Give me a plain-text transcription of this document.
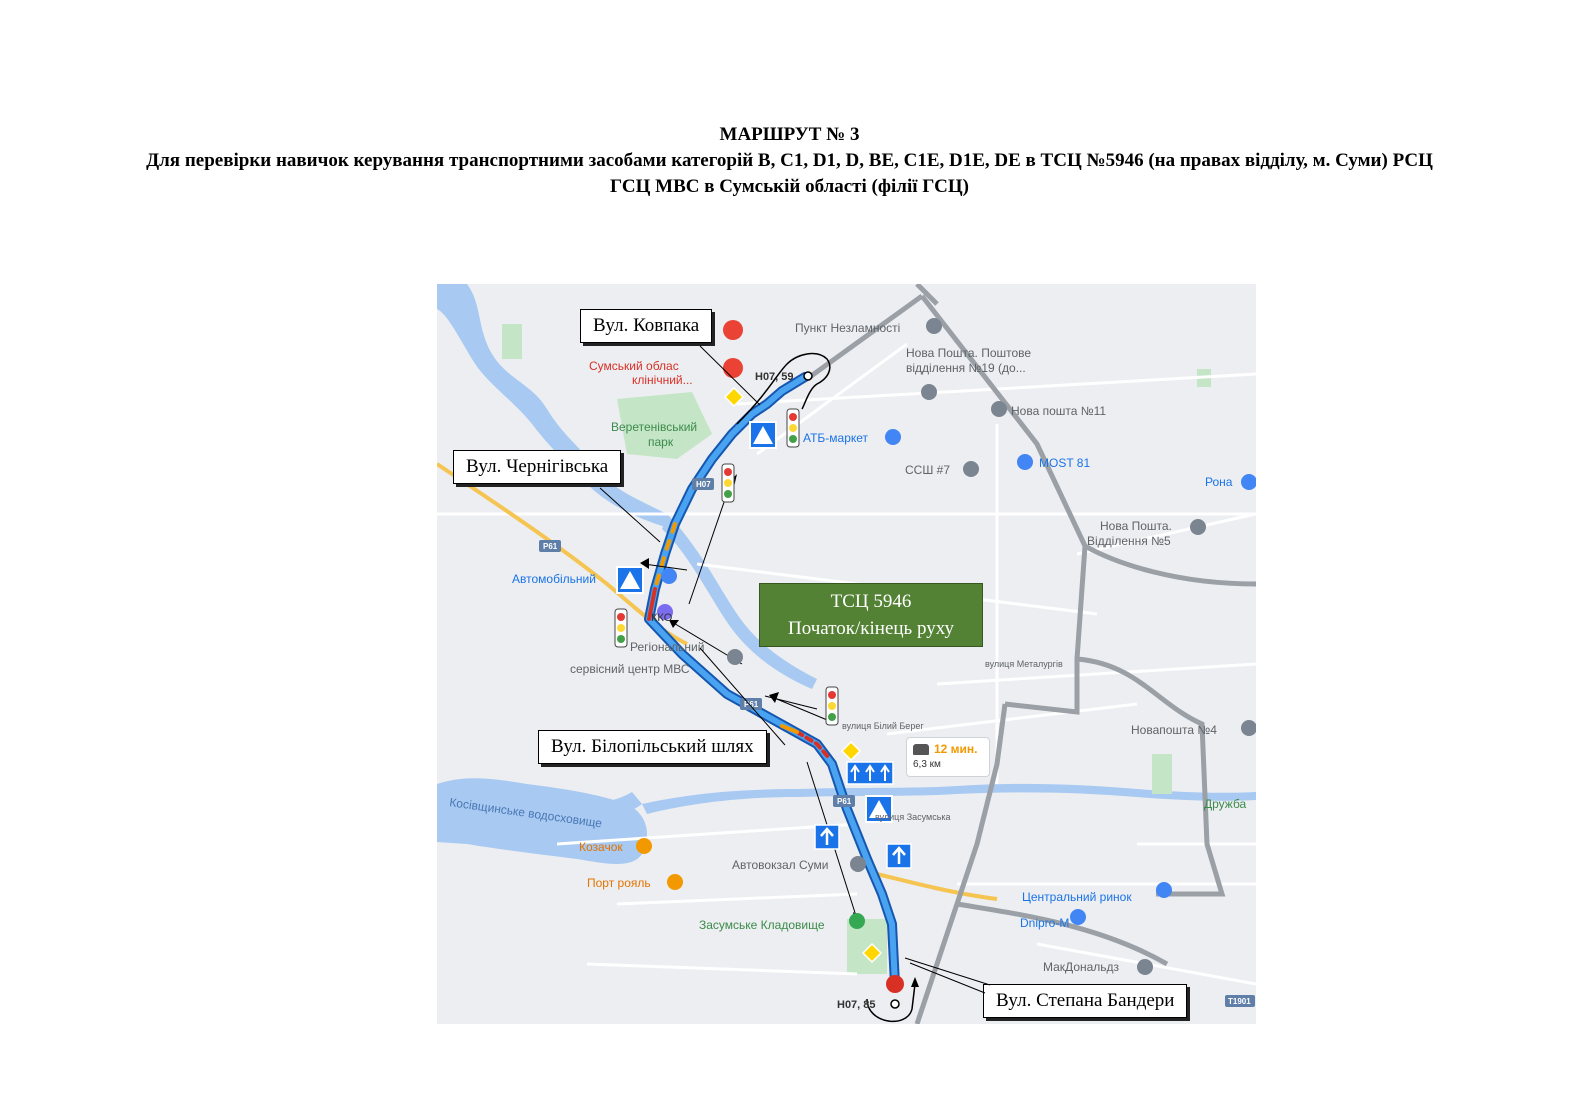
МАРШРУТ № 3
Для перевірки навичок керування транспортними засобами категорій B, C1, D1, D, BE, C1E, D1E, DE в ТСЦ №5946 (на правах відділу, м. Суми) РСЦ
ГСЦ МВС в Сумській області (філії ГСЦ)
Пункт Незламності
Сумський облас
клінічний...
Нова Пошта. Поштове
відділення №19 (до...
Нова пошта №11
Веретенівський
парк	АТБ-маркет
MOST 81
ССШ #7
Рона
Нова Пошта.
Відділення №5
Автомобільний
Регіональний
сервісний центр МВС	вулиця Металургів
вулиця Білий Берег	Новапошта №4
Дружба
Косівщинське водосховище
Козачок
Порт рояль
Автовокзал Суми
вулиця Засумська
Центральний ринок
Dnipro-M
Засумське Кладовище
МакДональдз
ККО
Н07, 59
Н07, 85
Н07
Р61
Р61
Р61
Т1901
Вул. Ковпака
Вул. Чернігівська
Вул. Білопільський шлях
Вул. Степана Бандери
ТСЦ 5946
Початок/кінець руху
12 мин.
6,3 км
